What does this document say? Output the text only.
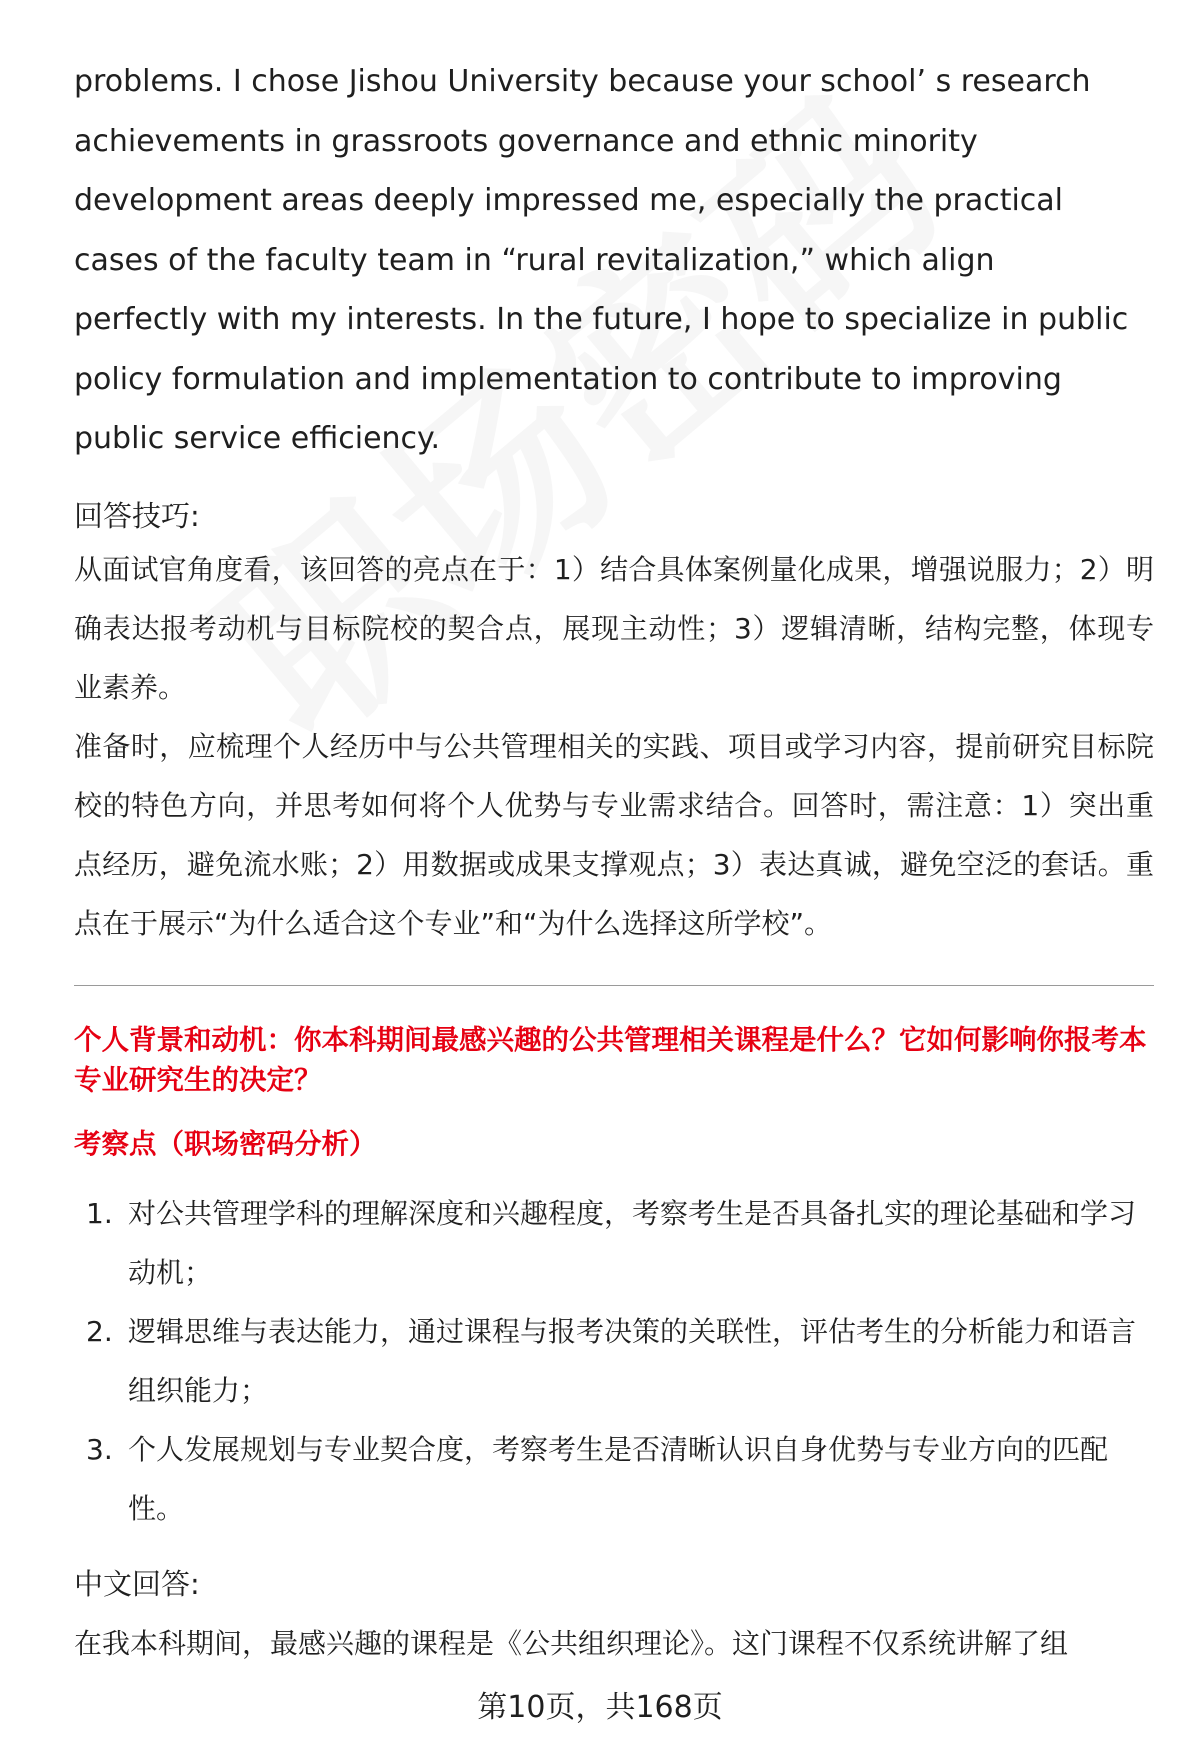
problems. I chose Jishou University because your school’ s research achievements in grassroots governance and ethnic minority development areas deeply impressed me, especially the practical cases of the faculty team in “rural revitalization,” which align perfectly with my interests. In the future, I hope to specialize in public policy formulation and implementation to contribute to improving public service efficiency.

回答技巧:

从面试官角度看，该回答的亮点在于：1）结合具体案例量化成果，增强说服力；2）明确表达报考动机与目标院校的契合点，展现主动性；3）逻辑清晰，结构完整，体现专业素养。

准备时，应梳理个人经历中与公共管理相关的实践、项目或学习内容，提前研究目标院校的特色方向，并思考如何将个人优势与专业需求结合。回答时，需注意：1）突出重点经历，避免流水账；2）用数据或成果支撑观点；3）表达真诚，避免空泛的套话。重点在于展示“为什么适合这个专业”和“为什么选择这所学校”。

个人背景和动机：你本科期间最感兴趣的公共管理相关课程是什么？它如何影响你报考本专业研究生的决定？

考察点（职场密码分析）

1. 对公共管理学科的理解深度和兴趣程度，考察考生是否具备扎实的理论基础和学习动机；
2. 逻辑思维与表达能力，通过课程与报考决策的关联性，评估考生的分析能力和语言组织能力；
3. 个人发展规划与专业契合度，考察考生是否清晰认识自身优势与专业方向的匹配性。

中文回答:

在我本科期间，最感兴趣的课程是《公共组织理论》。这门课程不仅系统讲解了组

第10页，共168页
